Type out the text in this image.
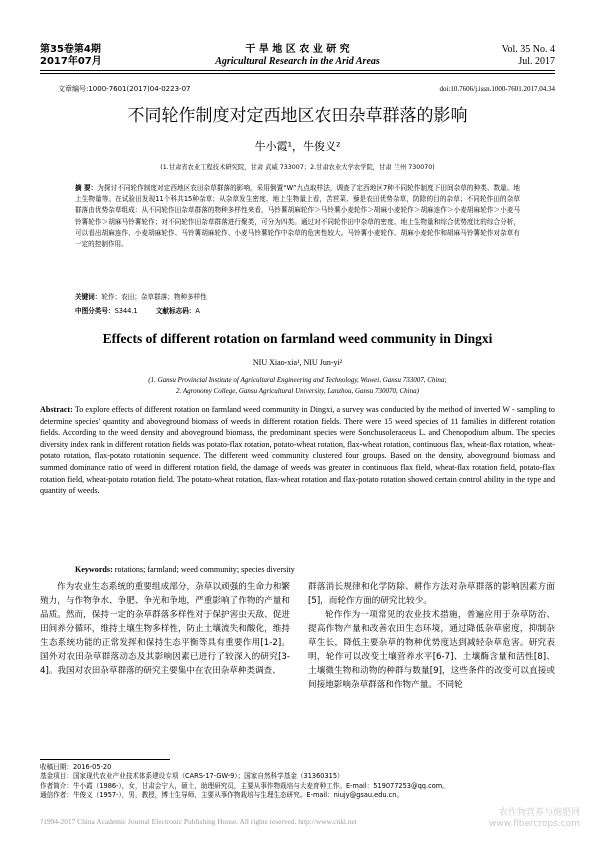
第35卷第4期
2017年07月
干 旱 地 区 农 业 研 究
Agricultural Research in the Arid Areas
Vol. 35 No. 4
Jul. 2017
文章编号:1000-7601(2017)04-0223-07	doi:10.7606/j.issn.1000-7601.2017.04.34
不同轮作制度对定西地区农田杂草群落的影响
牛小霞¹，牛俊义²
(1.甘肃省农业工程技术研究院，甘肃 武威 733007；2.甘肃农业大学农学院，甘肃 兰州 730070)
摘 要：为探讨不同轮作制度对定西地区农田杂草群落的影响，采用倒置“W”九点取样法，调查了定西地区7种不同轮作制度下田间杂草的种类、数量、地上生物量等。在试验田发现11个科共15种杂草；从杂草发生密度、地上生物量上看，苦苣菜、藜是农田优势杂草，防除的目的杂草；不同轮作田的杂草群落由优势杂草组成：从不同轮作田杂草群落的物种多样性来看，马铃薯胡麻轮作＞马铃薯小麦轮作＞胡麻小麦轮作＞胡麻连作＞小麦胡麻轮作＞小麦马铃薯轮作＞胡麻马铃薯轮作；对不同轮作田杂草群落进行聚类，可分为四类。通过对不同轮作田中杂草的密度、地上生物量和综合优势度比的综合分析，可以看出胡麻连作、小麦胡麻轮作、马铃薯胡麻轮作、小麦马铃薯轮作中杂草的危害性较大。马铃薯小麦轮作、胡麻小麦轮作和胡麻马铃薯轮作对杂草有一定的控制作用。
关键词：轮作；农田；杂草群落；物种多样性
中图分类号：S344.1	文献标志码：A
Effects of different rotation on farmland weed community in Dingxi
NIU Xiao-xia¹, NIU Jun-yi²
(1. Gansu Provincial Institute of Agricultural Engineering and Technology, Wuwei, Gansu 733007, China;
2. Agronomy College, Gansu Agricultural University, Lanzhou, Gansu 730070, China)
Abstract: To explore effects of different rotation on farmland weed community in Dingxi, a survey was conducted by the method of inverted W - sampling to determine species' quantity and aboveground biomass of weeds in different rotation fields. There were 15 weed species of 11 families in different rotation fields. According to the weed density and aboveground biomass, the predominant species were Sonchusoleraceus L. and Chenopodium album. The species diversity index rank in different rotation fields was potato-flax rotation, potato-wheat rotation, flax-wheat rotation, continuous flax, wheat-flax rotation, wheat-potato rotation, flax-potato rotationin sequence. The different weed community clustered four groups. Based on the density, aboveground biomass and summed dominance ratio of weed in different rotation field, the damage of weeds was greater in continuous flax field, wheat-flax rotation field, potato-flax rotation field, wheat-potato rotation field. The potato-wheat rotation, flax-wheat rotation and flax-potato rotation showed certain control ability in the type and quantity of weeds.
Keywords: rotations; farmland; weed community; species diversity
作为农业生态系统的重要组成部分，杂草以顽强的生命力和繁殖力，与作物争水、争肥、争光和争地，严重影响了作物的产量和品质。然而，保持一定的杂草群落多样性对于保护害虫天敌、促进田间养分循环，维持土壤生物多样性，防止土壤流失和酸化，维持生态系统功能的正常发挥和保持生态平衡等具有重要作用[1-2]。国外对农田杂草群落动态及其影响因素已进行了较深入的研究[3-4]。我国对农田杂草群落的研究主要集中在农田杂草种类调查、

群落消长规律和化学防除、耕作方法对杂草群落的影响因素方面[5]，而轮作方面的研究比较少。

轮作作为一项常见的农业技术措施，普遍应用于杂草防治、提高作物产量和改善农田生态环境，通过降低杂草密度，抑制杂草生长，降低主要杂草的物种优势度达到减轻杂草危害。研究表明，轮作可以改变土壤营养水平[6-7]、土壤酶含量和活性[8]、土壤微生物和动物的种群与数量[9]，这些条件的改变可以直接或间接地影响杂草群落和作物产量。不同轮

收稿日期：2016-05-20
基金项目：国家现代农业产业技术体系建设专项（CARS-17-GW-9）；国家自然科学基金（31360315）
作者简介：牛小霞（1986-），女，甘肃会宁人，硕士，助理研究员，主要从事作物栽培与大麦育种工作。E-mail：519077253@qq.com。
通信作者：牛俊义（1957-），男，教授，博士生导师，主要从事作物栽培与生理生态研究。E-mail：niujy@gsau.edu.cn。
?1994-2017 China Academic Journal Electronic Publishing House. All rights reserved. http://www.cnki.net
农作物营养与施肥网 www.fibercrops.com
